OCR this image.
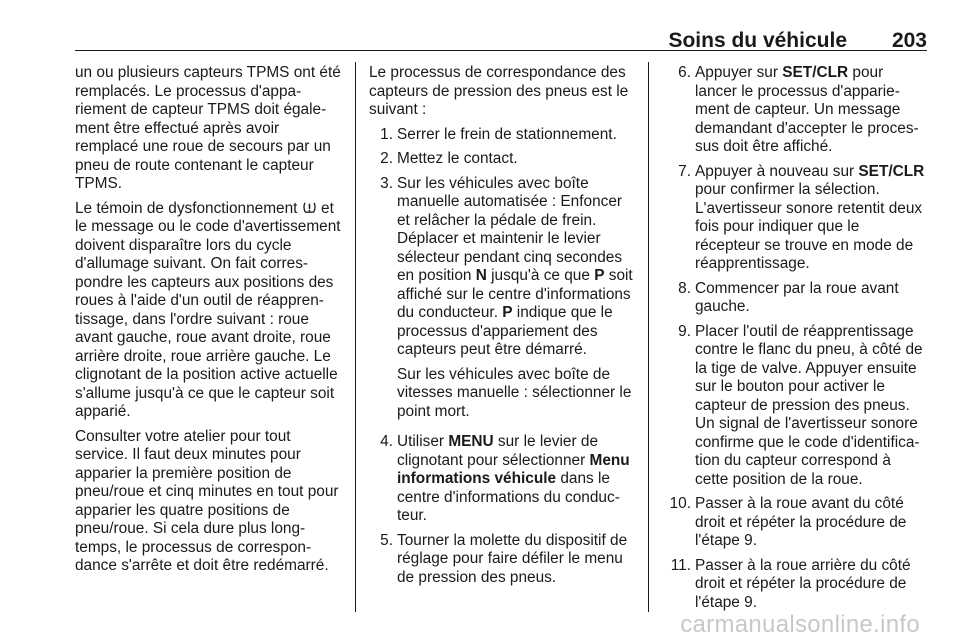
Soins du véhicule 203

un ou plusieurs capteurs TPMS ont été remplacés. Le processus d'appariement de capteur TPMS doit également être effectué après avoir remplacé une roue de secours par un pneu de route contenant le capteur TPMS.

Le témoin de dysfonctionnement  et le message ou le code d'avertissement doivent disparaître lors du cycle d'allumage suivant. On fait correspondre les capteurs aux positions des roues à l'aide d'un outil de réapprentissage, dans l'ordre suivant : roue avant gauche, roue avant droite, roue arrière droite, roue arrière gauche. Le clignotant de la position active actuelle s'allume jusqu'à ce que le capteur soit apparié.

Consulter votre atelier pour tout service. Il faut deux minutes pour apparier la première position de pneu/roue et cinq minutes en tout pour apparier les quatre positions de pneu/roue. Si cela dure plus longtemps, le processus de correspondance s'arrête et doit être redémarré.

Le processus de correspondance des capteurs de pression des pneus est le suivant :

1. Serrer le frein de stationnement.
2. Mettez le contact.
3. Sur les véhicules avec boîte manuelle automatisée : Enfoncer et relâcher la pédale de frein. Déplacer et maintenir le levier sélecteur pendant cinq secondes en position N jusqu'à ce que P soit affiché sur le centre d'informations du conducteur. P indique que le processus d'appariement des capteurs peut être démarré.

Sur les véhicules avec boîte de vitesses manuelle : sélectionner le point mort.

4. Utiliser MENU sur le levier de clignotant pour sélectionner Menu informations véhicule dans le centre d'informations du conducteur.
5. Tourner la molette du dispositif de réglage pour faire défiler le menu de pression des pneus.
6. Appuyer sur SET/CLR pour lancer le processus d'appariement de capteur. Un message demandant d'accepter le processus doit être affiché.
7. Appuyer à nouveau sur SET/CLR pour confirmer la sélection. L'avertisseur sonore retentit deux fois pour indiquer que le récepteur se trouve en mode de réapprentissage.
8. Commencer par la roue avant gauche.
9. Placer l'outil de réapprentissage contre le flanc du pneu, à côté de la tige de valve. Appuyer ensuite sur le bouton pour activer le capteur de pression des pneus. Un signal de l'avertisseur sonore confirme que le code d'identification du capteur correspond à cette position de la roue.
10. Passer à la roue avant du côté droit et répéter la procédure de l'étape 9.
11. Passer à la roue arrière du côté droit et répéter la procédure de l'étape 9.
carmanualsonline.info
